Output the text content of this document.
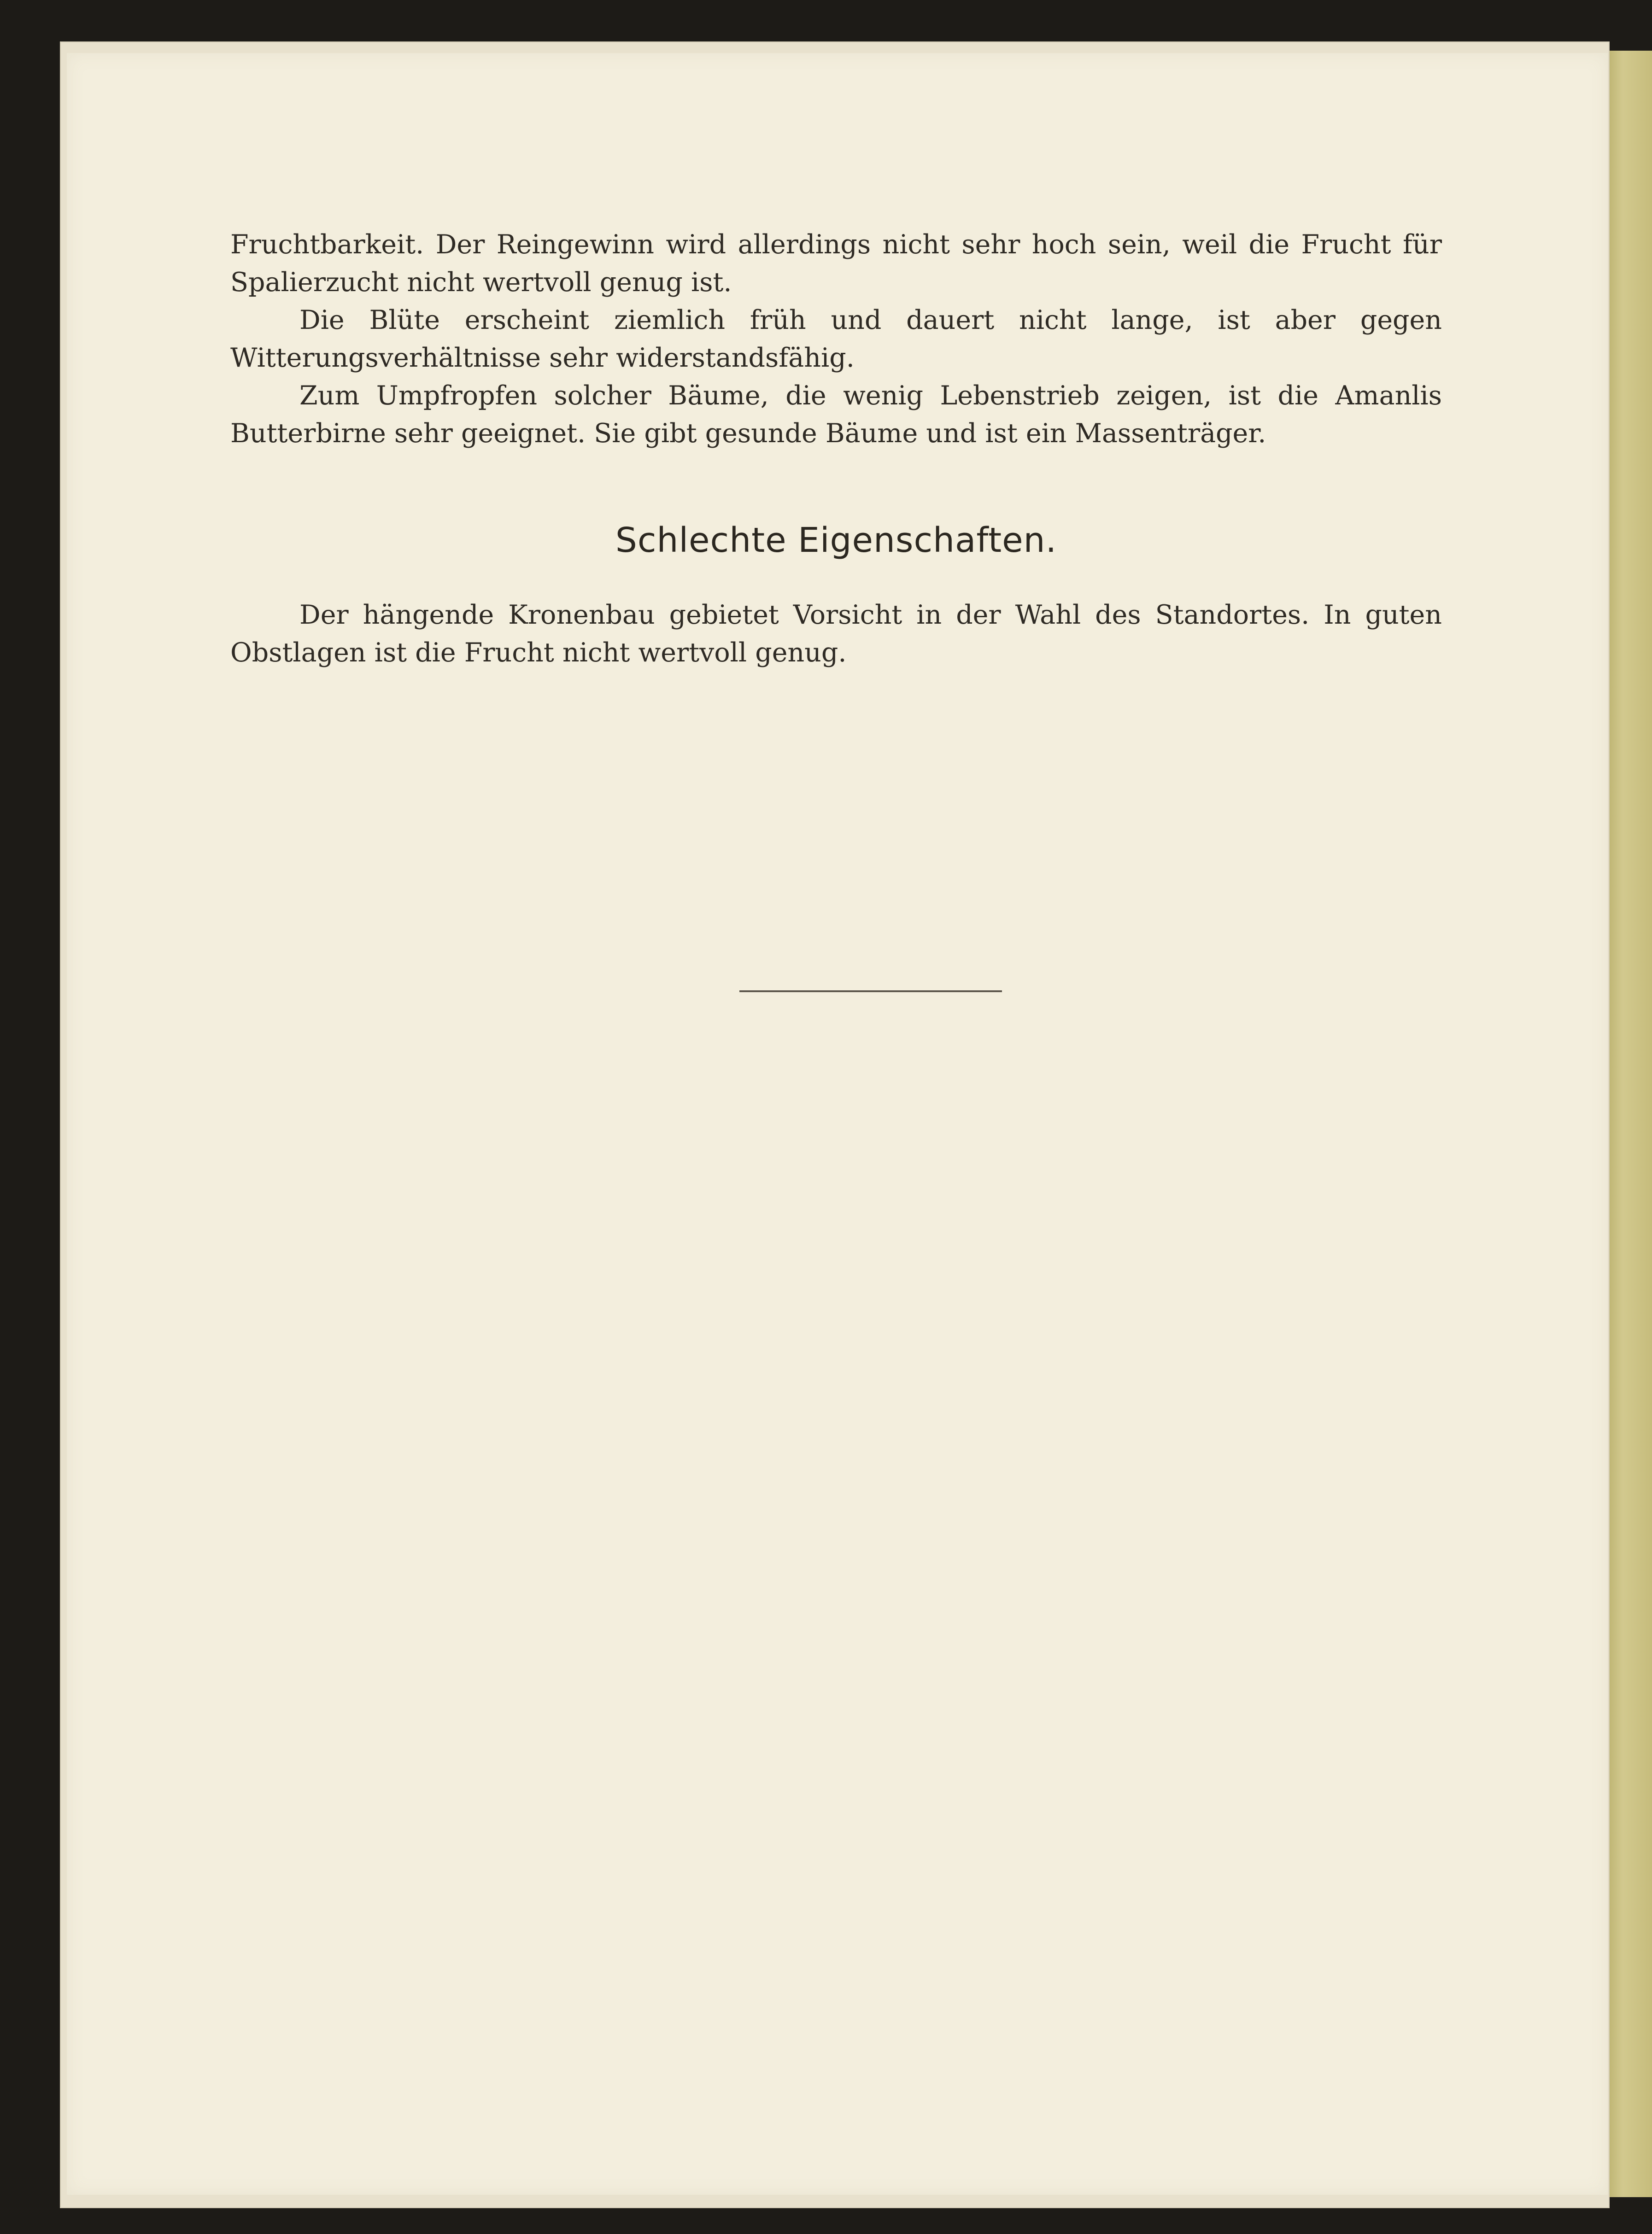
Fruchtbarkeit. Der Reingewinn wird allerdings nicht sehr hoch sein, weil die Frucht für Spalierzucht nicht wertvoll genug ist.

Die Blüte erscheint ziemlich früh und dauert nicht lange, ist aber gegen Witterungsverhältnisse sehr widerstandsfähig.

Zum Umpfropfen solcher Bäume, die wenig Lebenstrieb zeigen, ist die Amanlis Butterbirne sehr geeignet. Sie gibt gesunde Bäume und ist ein Massenträger.

Schlechte Eigenschaften.

Der hängende Kronenbau gebietet Vorsicht in der Wahl des Standortes. In guten Obstlagen ist die Frucht nicht wertvoll genug.
